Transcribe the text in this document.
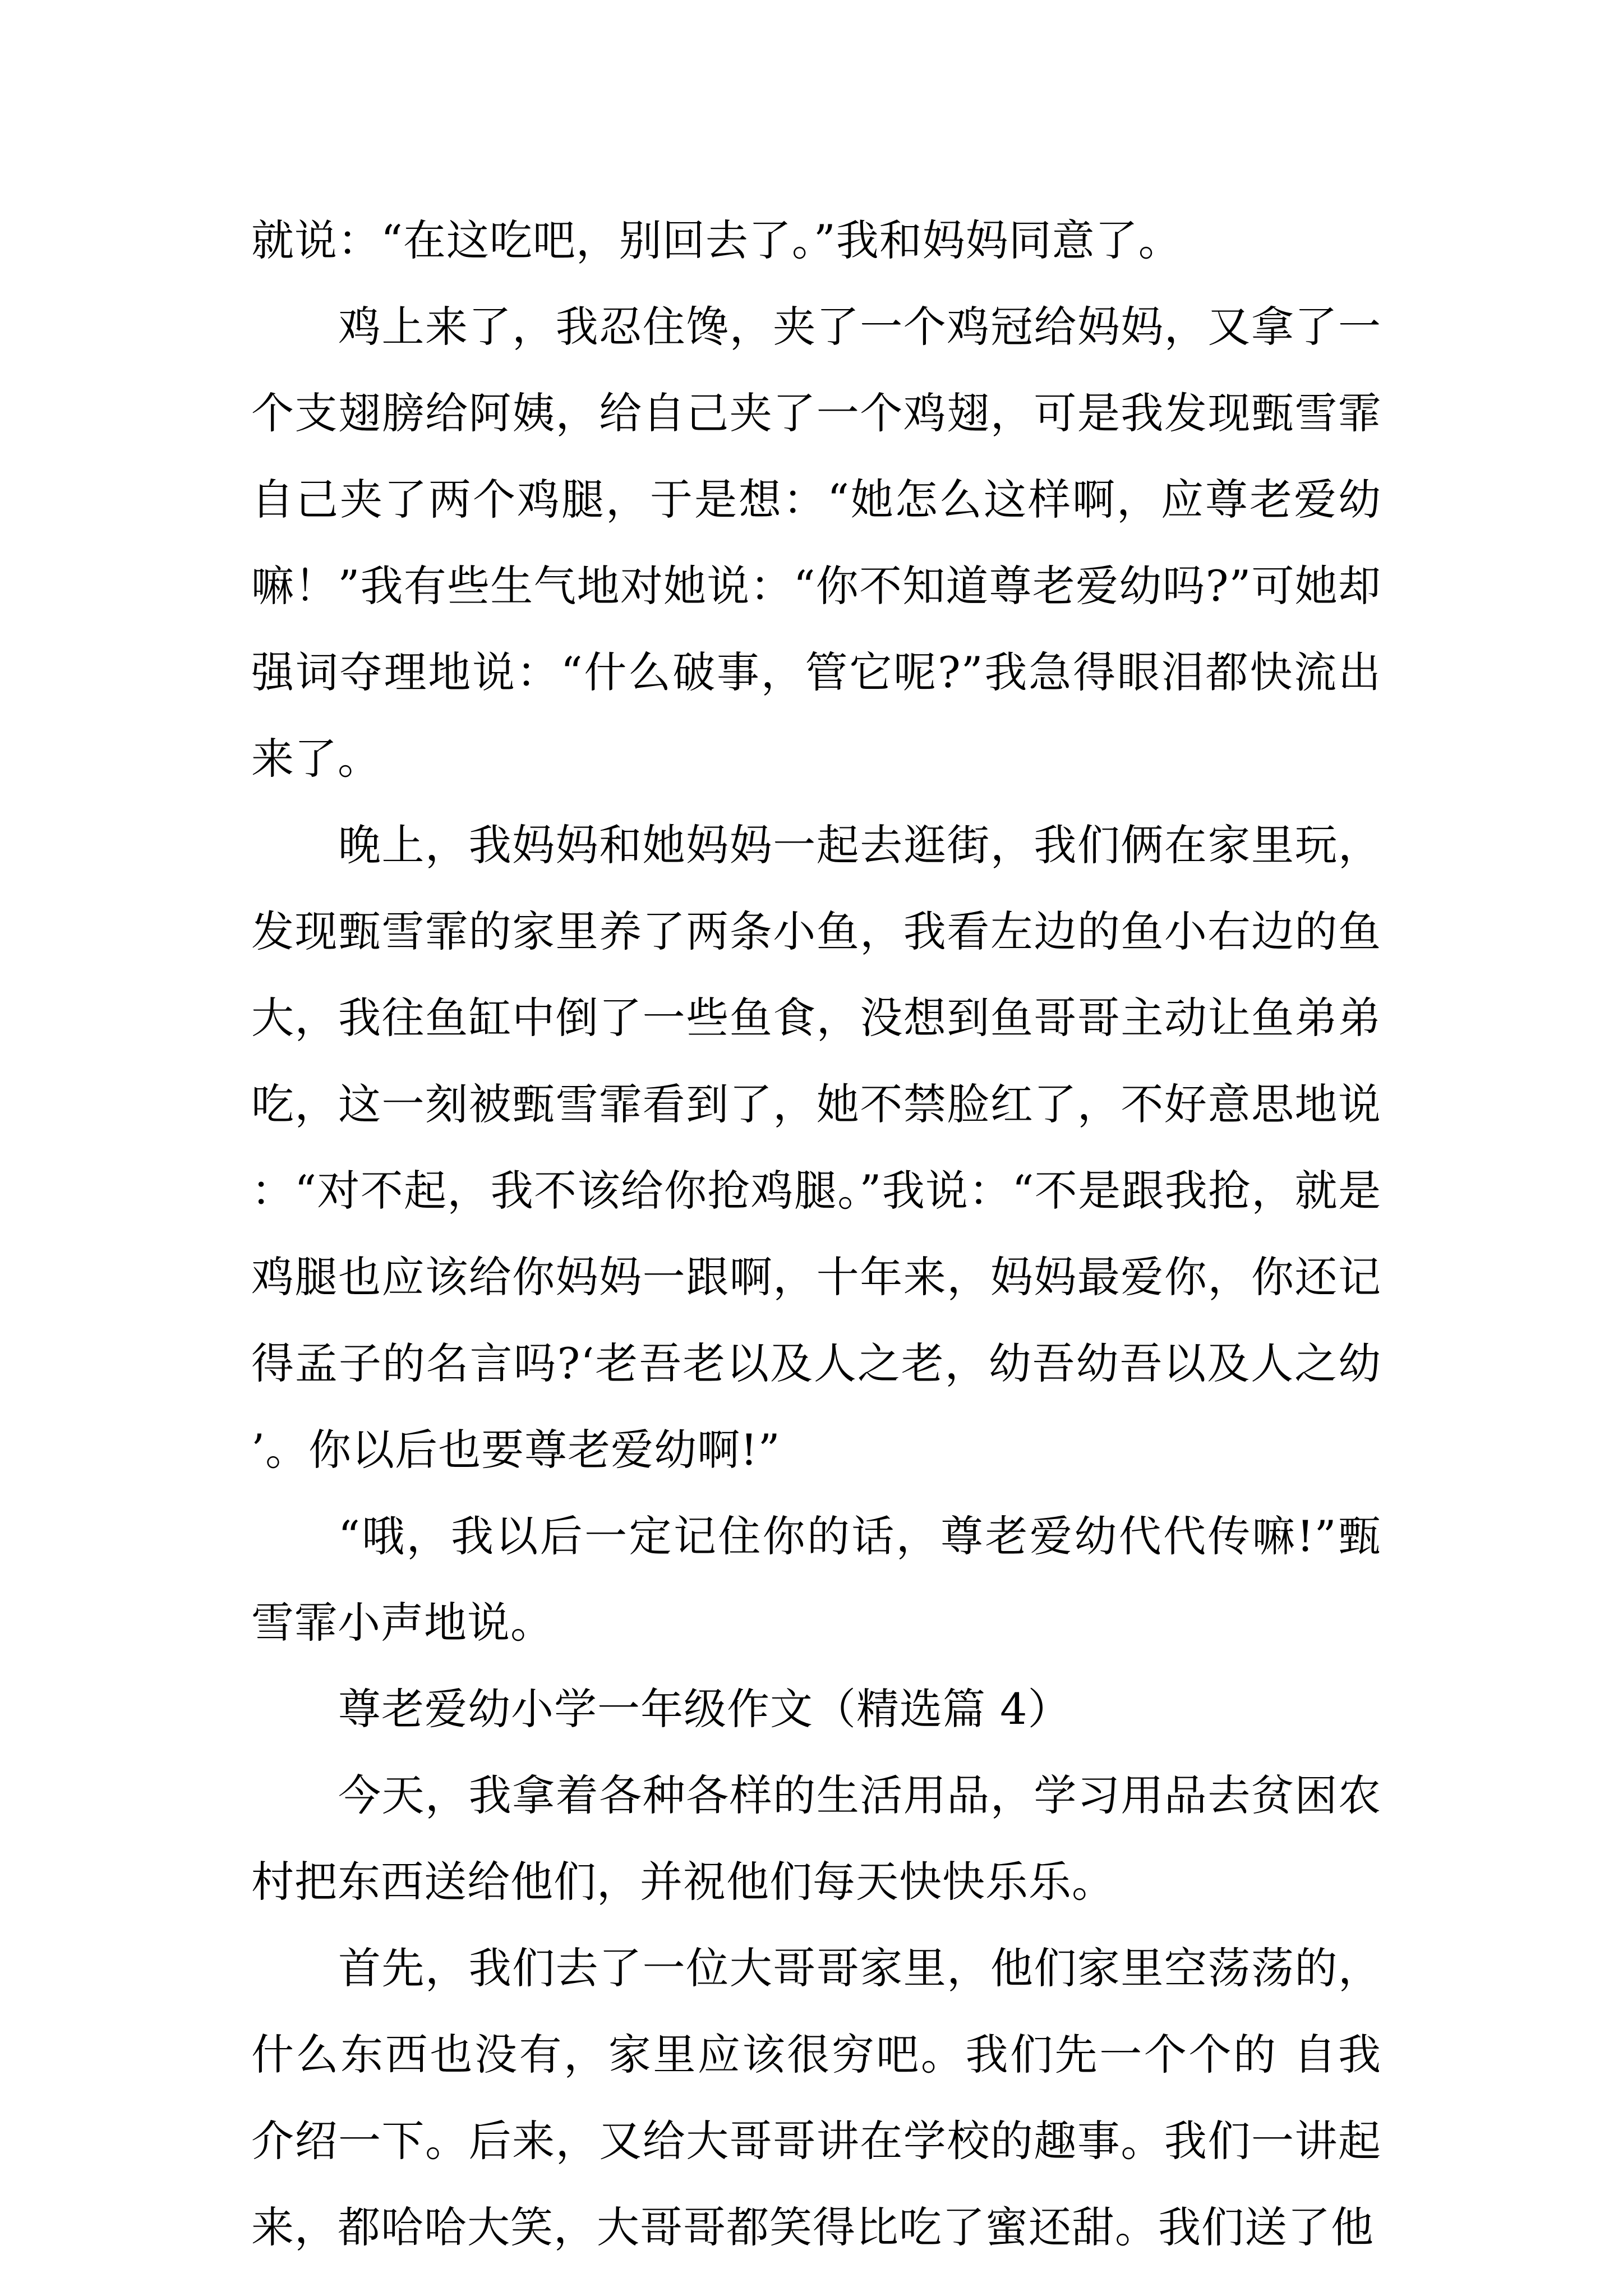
就说：“在这吃吧，别回去了。”我和妈妈同意了。

鸡上来了，我忍住馋，夹了一个鸡冠给妈妈，又拿了一个支翅膀给阿姨，给自己夹了一个鸡翅，可是我发现甄雪霏自己夹了两个鸡腿，于是想：“她怎么这样啊，应尊老爱幼嘛！”我有些生气地对她说：“你不知道尊老爱幼吗?”可她却强词夺理地说：“什么破事，管它呢?”我急得眼泪都快流出来了。

晚上，我妈妈和她妈妈一起去逛街，我们俩在家里玩，发现甄雪霏的家里养了两条小鱼，我看左边的鱼小右边的鱼大，我往鱼缸中倒了一些鱼食，没想到鱼哥哥主动让鱼弟弟吃，这一刻被甄雪霏看到了，她不禁脸红了，不好意思地说：“对不起，我不该给你抢鸡腿。”我说：“不是跟我抢，就是鸡腿也应该给你妈妈一跟啊，十年来，妈妈最爱你，你还记得孟子的名言吗?‘老吾老以及人之老，幼吾幼吾以及人之幼’。你以后也要尊老爱幼啊!”

“哦，我以后一定记住你的话，尊老爱幼代代传嘛!”甄雪霏小声地说。

尊老爱幼小学一年级作文（精选篇 4）

今天，我拿着各种各样的生活用品，学习用品去贫困农村把东西送给他们，并祝他们每天快快乐乐。

首先，我们去了一位大哥哥家里，他们家里空荡荡的，什么东西也没有，家里应该很穷吧。我们先一个个的 自我介绍一下。后来，又给大哥哥讲在学校的趣事。我们一讲起来，都哈哈大笑，大哥哥都笑得比吃了蜜还甜。我们送了他
